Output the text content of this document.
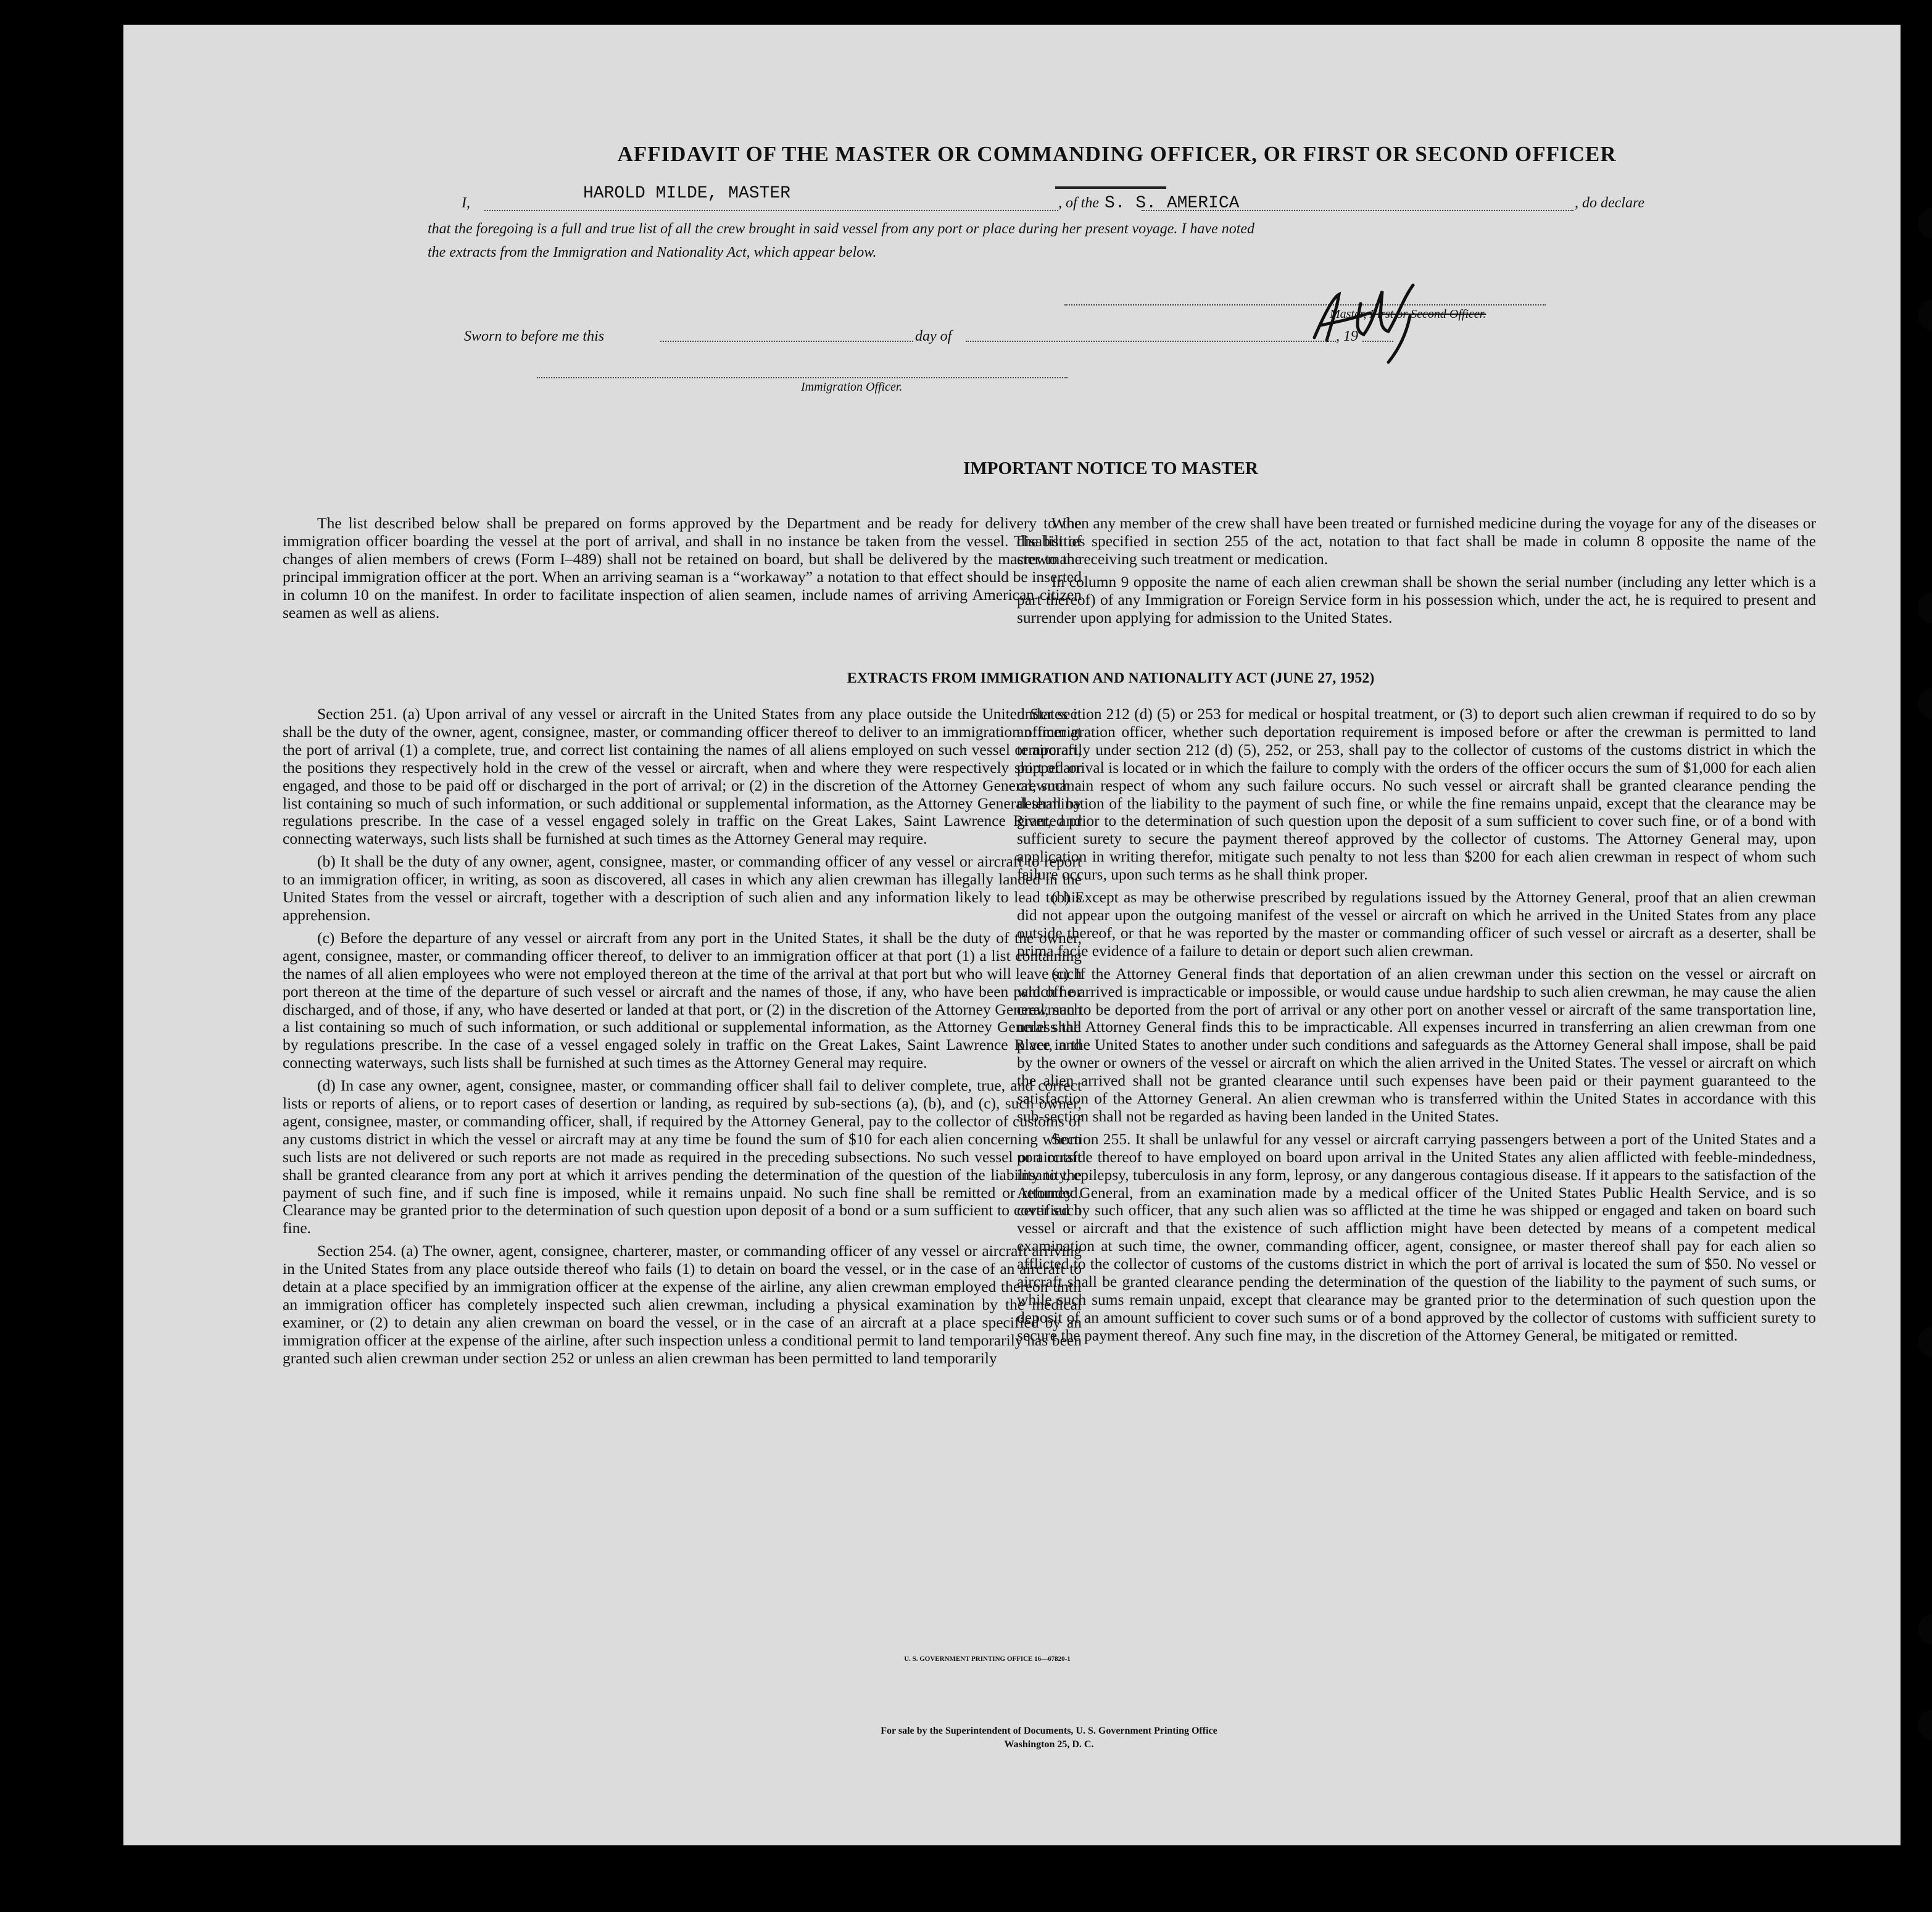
AFFIDAVIT OF THE MASTER OR COMMANDING OFFICER, OR FIRST OR SECOND OFFICER
I,	HAROLD MILDE, MASTER	, of the S. S. AMERICA	, do declare
that the foregoing is a full and true list of all the crew brought in said vessel from any port or place during her present voyage. I have noted
the extracts from the Immigration and Nationality Act, which appear below.
Master, First or Second Officer.
Sworn to before me this	day of	, 19
Immigration Officer.
IMPORTANT NOTICE TO MASTER

The list described below shall be prepared on forms approved by the Department and be ready for delivery to the immigration officer boarding the vessel at the port of arrival, and shall in no instance be taken from the vessel. The list of changes of alien members of crews (Form I–489) shall not be retained on board, but shall be delivered by the master to the principal immigration officer at the port. When an arriving seaman is a “workaway” a notation to that effect should be inserted in column 10 on the manifest. In order to facilitate inspection of alien seamen, include names of arriving American citizen seamen as well as aliens.

When any member of the crew shall have been treated or furnished medicine during the voyage for any of the diseases or disabilities specified in section 255 of the act, notation to that fact shall be made in column 8 opposite the name of the crewman receiving such treatment or medication.

In column 9 opposite the name of each alien crewman shall be shown the serial number (including any letter which is a part thereof) of any Immigration or Foreign Service form in his possession which, under the act, he is required to present and surrender upon applying for admission to the United States.

EXTRACTS FROM IMMIGRATION AND NATIONALITY ACT (JUNE 27, 1952)

Section 251. (a) Upon arrival of any vessel or aircraft in the United States from any place outside the United States it shall be the duty of the owner, agent, consignee, master, or commanding officer thereof to deliver to an immigration officer at the port of arrival (1) a complete, true, and correct list containing the names of all aliens employed on such vessel or aircraft, the positions they respectively hold in the crew of the vessel or aircraft, when and where they were respectively shipped or engaged, and those to be paid off or discharged in the port of arrival; or (2) in the discretion of the Attorney General, such a list containing so much of such information, or such additional or supplemental information, as the Attorney General shall by regulations prescribe. In the case of a vessel engaged solely in traffic on the Great Lakes, Saint Lawrence River, and connecting waterways, such lists shall be furnished at such times as the Attorney General may require.

(b) It shall be the duty of any owner, agent, consignee, master, or commanding officer of any vessel or aircraft to report to an immigration officer, in writing, as soon as discovered, all cases in which any alien crewman has illegally landed in the United States from the vessel or aircraft, together with a description of such alien and any information likely to lead to his apprehension.

(c) Before the departure of any vessel or aircraft from any port in the United States, it shall be the duty of the owner, agent, consignee, master, or commanding officer thereof, to deliver to an immigration officer at that port (1) a list containing the names of all alien employees who were not employed thereon at the time of the arrival at that port but who will leave such port thereon at the time of the departure of such vessel or aircraft and the names of those, if any, who have been paid off or discharged, and of those, if any, who have deserted or landed at that port, or (2) in the discretion of the Attorney General, such a list containing so much of such information, or such additional or supplemental information, as the Attorney General shall by regulations prescribe. In the case of a vessel engaged solely in traffic on the Great Lakes, Saint Lawrence River, and connecting waterways, such lists shall be furnished at such times as the Attorney General may require.

(d) In case any owner, agent, consignee, master, or commanding officer shall fail to deliver complete, true, and correct lists or reports of aliens, or to report cases of desertion or landing, as required by sub-sections (a), (b), and (c), such owner, agent, consignee, master, or commanding officer, shall, if required by the Attorney General, pay to the collector of customs of any customs district in which the vessel or aircraft may at any time be found the sum of $10 for each alien concerning whom such lists are not delivered or such reports are not made as required in the preceding subsections. No such vessel or aircraft shall be granted clearance from any port at which it arrives pending the determination of the question of the liability to the payment of such fine, and if such fine is imposed, while it remains unpaid. No such fine shall be remitted or refunded. Clearance may be granted prior to the determination of such question upon deposit of a bond or a sum sufficient to cover such fine.

Section 254. (a) The owner, agent, consignee, charterer, master, or commanding officer of any vessel or aircraft arriving in the United States from any place outside thereof who fails (1) to detain on board the vessel, or in the case of an aircraft to detain at a place specified by an immigration officer at the expense of the airline, any alien crewman employed thereon until an immigration officer has completely inspected such alien crewman, including a physical examination by the medical examiner, or (2) to detain any alien crewman on board the vessel, or in the case of an aircraft at a place specified by an immigration officer at the expense of the airline, after such inspection unless a conditional permit to land temporarily has been granted such alien crewman under section 252 or unless an alien crewman has been permitted to land temporarily

under section 212 (d) (5) or 253 for medical or hospital treatment, or (3) to deport such alien crewman if required to do so by an immigration officer, whether such deportation requirement is imposed before or after the crewman is permitted to land temporarily under section 212 (d) (5), 252, or 253, shall pay to the collector of customs of the customs district in which the port of arrival is located or in which the failure to comply with the orders of the officer occurs the sum of $1,000 for each alien crewman in respect of whom any such failure occurs. No such vessel or aircraft shall be granted clearance pending the determination of the liability to the payment of such fine, or while the fine remains unpaid, except that the clearance may be granted prior to the determination of such question upon the deposit of a sum sufficient to cover such fine, or of a bond with sufficient surety to secure the payment thereof approved by the collector of customs. The Attorney General may, upon application in writing therefor, mitigate such penalty to not less than $200 for each alien crewman in respect of whom such failure occurs, upon such terms as he shall think proper.

(b) Except as may be otherwise prescribed by regulations issued by the Attorney General, proof that an alien crewman did not appear upon the outgoing manifest of the vessel or aircraft on which he arrived in the United States from any place outside thereof, or that he was reported by the master or commanding officer of such vessel or aircraft as a deserter, shall be prima facie evidence of a failure to detain or deport such alien crewman.

(c) If the Attorney General finds that deportation of an alien crewman under this section on the vessel or aircraft on which he arrived is impracticable or impossible, or would cause undue hardship to such alien crewman, he may cause the alien crewman to be deported from the port of arrival or any other port on another vessel or aircraft of the same transportation line, unless the Attorney General finds this to be impracticable. All expenses incurred in transferring an alien crewman from one place in the United States to another under such conditions and safeguards as the Attorney General shall impose, shall be paid by the owner or owners of the vessel or aircraft on which the alien arrived in the United States. The vessel or aircraft on which the alien arrived shall not be granted clearance until such expenses have been paid or their payment guaranteed to the satisfaction of the Attorney General. An alien crewman who is transferred within the United States in accordance with this sub-section shall not be regarded as having been landed in the United States.

Section 255. It shall be unlawful for any vessel or aircraft carrying passengers between a port of the United States and a port outside thereof to have employed on board upon arrival in the United States any alien afflicted with feeble-mindedness, insanity, epilepsy, tuberculosis in any form, leprosy, or any dangerous contagious disease. If it appears to the satisfaction of the Attorney General, from an examination made by a medical officer of the United States Public Health Service, and is so certified by such officer, that any such alien was so afflicted at the time he was shipped or engaged and taken on board such vessel or aircraft and that the existence of such affliction might have been detected by means of a competent medical examination at such time, the owner, commanding officer, agent, consignee, or master thereof shall pay for each alien so afflicted to the collector of customs of the customs district in which the port of arrival is located the sum of $50. No vessel or aircraft shall be granted clearance pending the determination of the question of the liability to the payment of such sums, or while such sums remain unpaid, except that clearance may be granted prior to the determination of such question upon the deposit of an amount sufficient to cover such sums or of a bond approved by the collector of customs with sufficient surety to secure the payment thereof. Any such fine may, in the discretion of the Attorney General, be mitigated or remitted.

U. S. GOVERNMENT PRINTING OFFICE 16—67820-1
For sale by the Superintendent of Documents, U. S. Government Printing Office
Washington 25, D. C.
